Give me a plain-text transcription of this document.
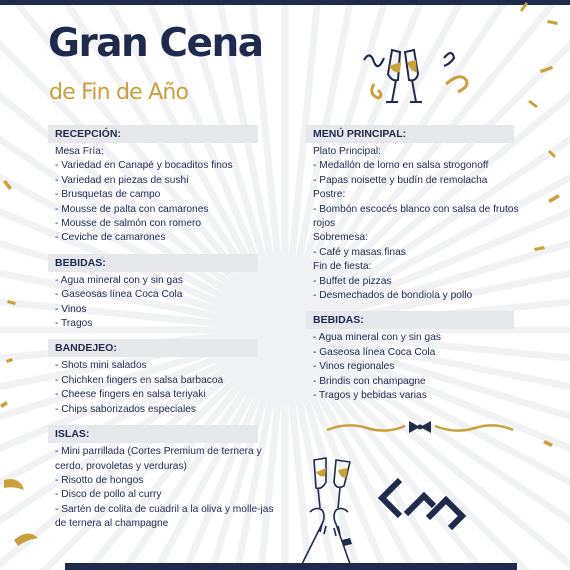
Gran Cena
de Fin de Año
RECEPCIÓN:
Mesa Fría:
- Variedad en Canapé y bocaditos finos
- Variedad en piezas de sushi
- Brusquetas de campo
- Mousse de palta con camarones
- Mousse de salmón con romero
- Ceviche de camarones
BEBIDAS:
- Agua mineral con y sin gas
- Gaseosas línea Coca Cola
- Vinos
- Tragos
BANDEJEO:
- Shots mini salados
- Chichken fingers en salsa barbacoa
- Cheese fingers en salsa teriyaki
- Chips saborizados especiales
ISLAS:
- Mini parrillada (Cortes Premium de ternera y cerdo, provoletas y verduras)
- Risotto de hongos
- Disco de pollo al curry
- Sartén de colita de cuadril a la oliva y molle-jas de ternera al champagne
MENÚ PRINCIPAL:
Plato Principal:
- Medallón de lomo en salsa strogonoff
- Papas noisette y budín de remolacha
Postre:
- Bombón escocés blanco con salsa de frutos rojos
Sobremesa:
- Café y masas finas
Fin de fiesta:
- Buffet de pizzas
- Desmechados de bondiola y pollo
BEBIDAS:
- Agua mineral con y sin gas
- Gaseosa línea Coca Cola
- Vinos regionales
- Brindis con champagne
- Tragos y bebidas varias
